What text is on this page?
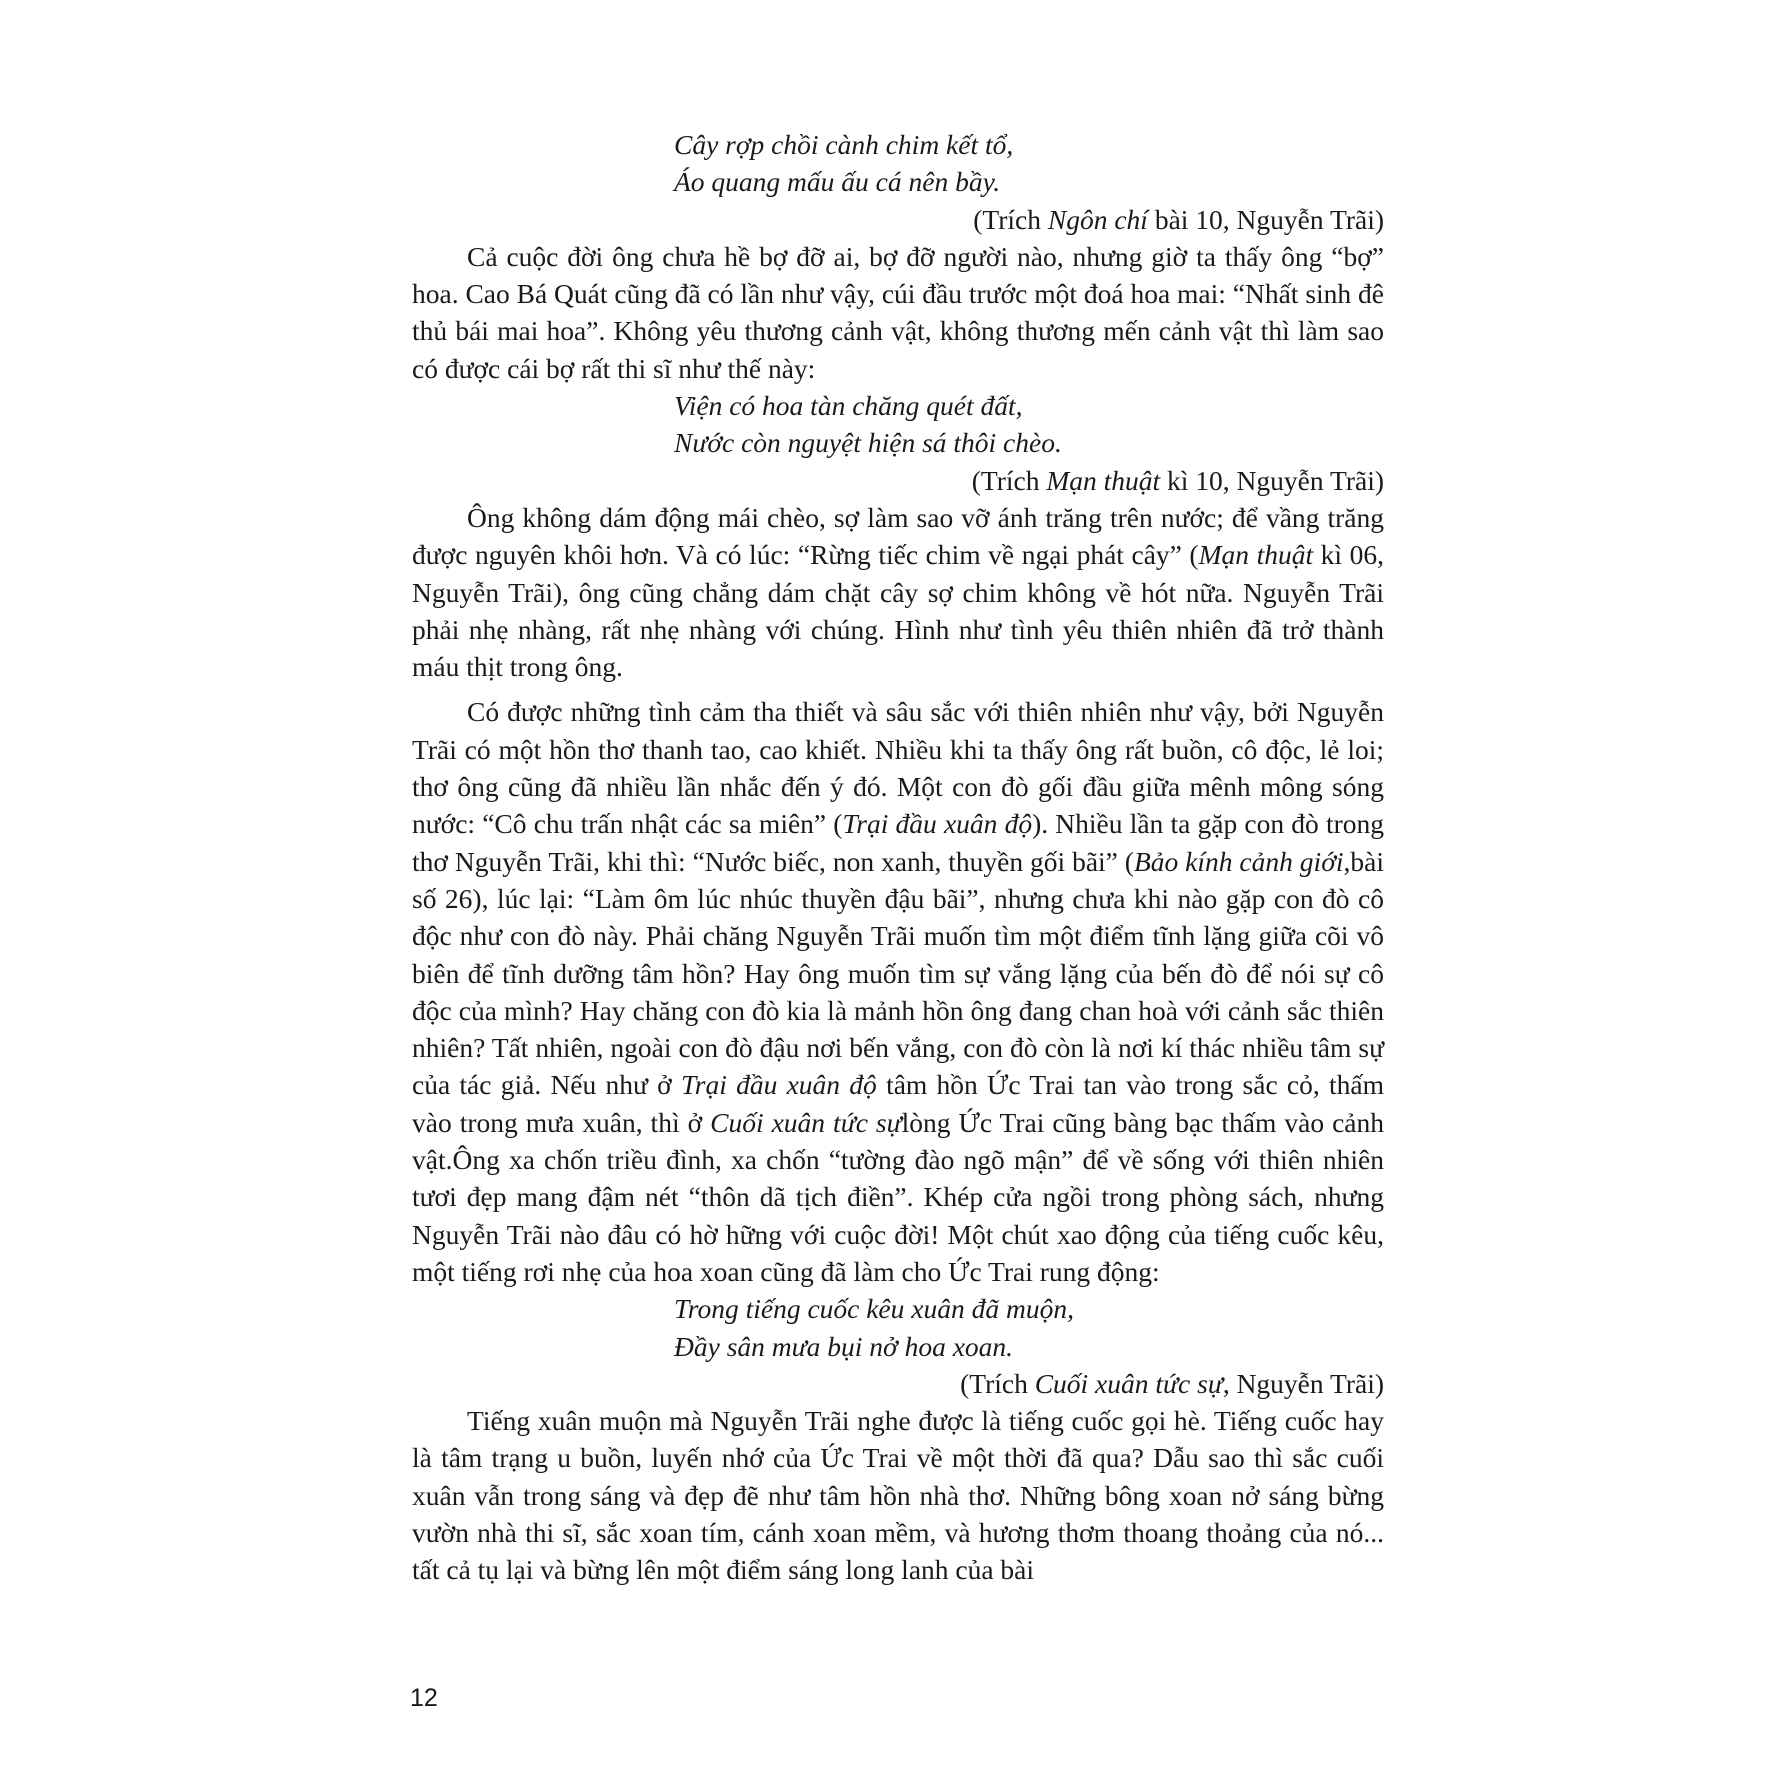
Cây rợp chồi cành chim kết tổ,
Áo quang mấu ấu cá nên bầy.
(Trích Ngôn chí bài 10, Nguyễn Trãi)
Cả cuộc đời ông chưa hề bợ đỡ ai, bợ đỡ người nào, nhưng giờ ta thấy ông “bợ” hoa. Cao Bá Quát cũng đã có lần như vậy, cúi đầu trước một đoá hoa mai: “Nhất sinh đê thủ bái mai hoa”. Không yêu thương cảnh vật, không thương mến cảnh vật thì làm sao có được cái bợ rất thi sĩ như thế này:
Viện có hoa tàn chăng quét đất,
Nước còn nguyệt hiện sá thôi chèo.
(Trích Mạn thuật kì 10, Nguyễn Trãi)
Ông không dám động mái chèo, sợ làm sao vỡ ánh trăng trên nước; để vầng trăng được nguyên khôi hơn. Và có lúc: “Rừng tiếc chim về ngại phát cây” (Mạn thuật kì 06, Nguyễn Trãi), ông cũng chẳng dám chặt cây sợ chim không về hót nữa. Nguyễn Trãi phải nhẹ nhàng, rất nhẹ nhàng với chúng. Hình như tình yêu thiên nhiên đã trở thành máu thịt trong ông.
Có được những tình cảm tha thiết và sâu sắc với thiên nhiên như vậy, bởi Nguyễn Trãi có một hồn thơ thanh tao, cao khiết. Nhiều khi ta thấy ông rất buồn, cô độc, lẻ loi; thơ ông cũng đã nhiều lần nhắc đến ý đó. Một con đò gối đầu giữa mênh mông sóng nước: “Cô chu trấn nhật các sa miên” (Trại đầu xuân độ). Nhiều lần ta gặp con đò trong thơ Nguyễn Trãi, khi thì: “Nước biếc, non xanh, thuyền gối bãi” (Bảo kính cảnh giới,bài số 26), lúc lại: “Làm ôm lúc nhúc thuyền đậu bãi”, nhưng chưa khi nào gặp con đò cô độc như con đò này. Phải chăng Nguyễn Trãi muốn tìm một điểm tĩnh lặng giữa cõi vô biên để tĩnh dưỡng tâm hồn? Hay ông muốn tìm sự vắng lặng của bến đò để nói sự cô độc của mình? Hay chăng con đò kia là mảnh hồn ông đang chan hoà với cảnh sắc thiên nhiên? Tất nhiên, ngoài con đò đậu nơi bến vắng, con đò còn là nơi kí thác nhiều tâm sự của tác giả. Nếu như ở Trại đầu xuân độ tâm hồn Ức Trai tan vào trong sắc cỏ, thấm vào trong mưa xuân, thì ở Cuối xuân tức sựlòng Ức Trai cũng bàng bạc thấm vào cảnh vật.Ông xa chốn triều đình, xa chốn “tường đào ngõ mận” để về sống với thiên nhiên tươi đẹp mang đậm nét “thôn dã tịch điền”. Khép cửa ngồi trong phòng sách, nhưng Nguyễn Trãi nào đâu có hờ hững với cuộc đời! Một chút xao động của tiếng cuốc kêu, một tiếng rơi nhẹ của hoa xoan cũng đã làm cho Ức Trai rung động:
Trong tiếng cuốc kêu xuân đã muộn,
Đầy sân mưa bụi nở hoa xoan.
(Trích Cuối xuân tức sự, Nguyễn Trãi)
Tiếng xuân muộn mà Nguyễn Trãi nghe được là tiếng cuốc gọi hè. Tiếng cuốc hay là tâm trạng u buồn, luyến nhớ của Ức Trai về một thời đã qua? Dẫu sao thì sắc cuối xuân vẫn trong sáng và đẹp đẽ như tâm hồn nhà thơ. Những bông xoan nở sáng bừng vườn nhà thi sĩ, sắc xoan tím, cánh xoan mềm, và hương thơm thoang thoảng của nó... tất cả tụ lại và bừng lên một điểm sáng long lanh của bài
12
